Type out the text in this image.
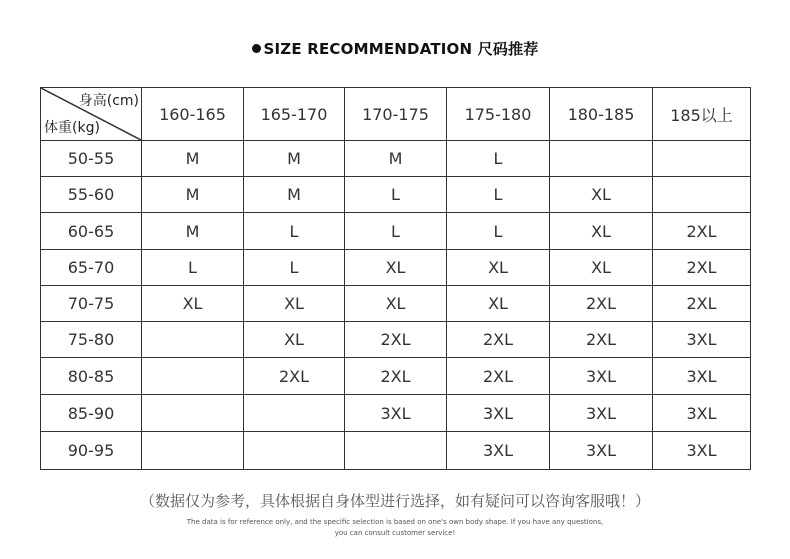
SIZE RECOMMENDATION 尺码推荐
身高(cm)
体重(kg)	160-165	165-170	170-175	175-180	180-185	185以上
50-55	M	M	M	L		
55-60	M	M	L	L	XL	
60-65	M	L	L	L	XL	2XL
65-70	L	L	XL	XL	XL	2XL
70-75	XL	XL	XL	XL	2XL	2XL
75-80		XL	2XL	2XL	2XL	3XL
80-85		2XL	2XL	2XL	3XL	3XL
85-90			3XL	3XL	3XL	3XL
90-95				3XL	3XL	3XL
（数据仅为参考，具体根据自身体型进行选择，如有疑问可以咨询客服哦！）
The data is for reference only, and the specific selection is based on one's own body shape. If you have any questions,
you can consult customer service!
